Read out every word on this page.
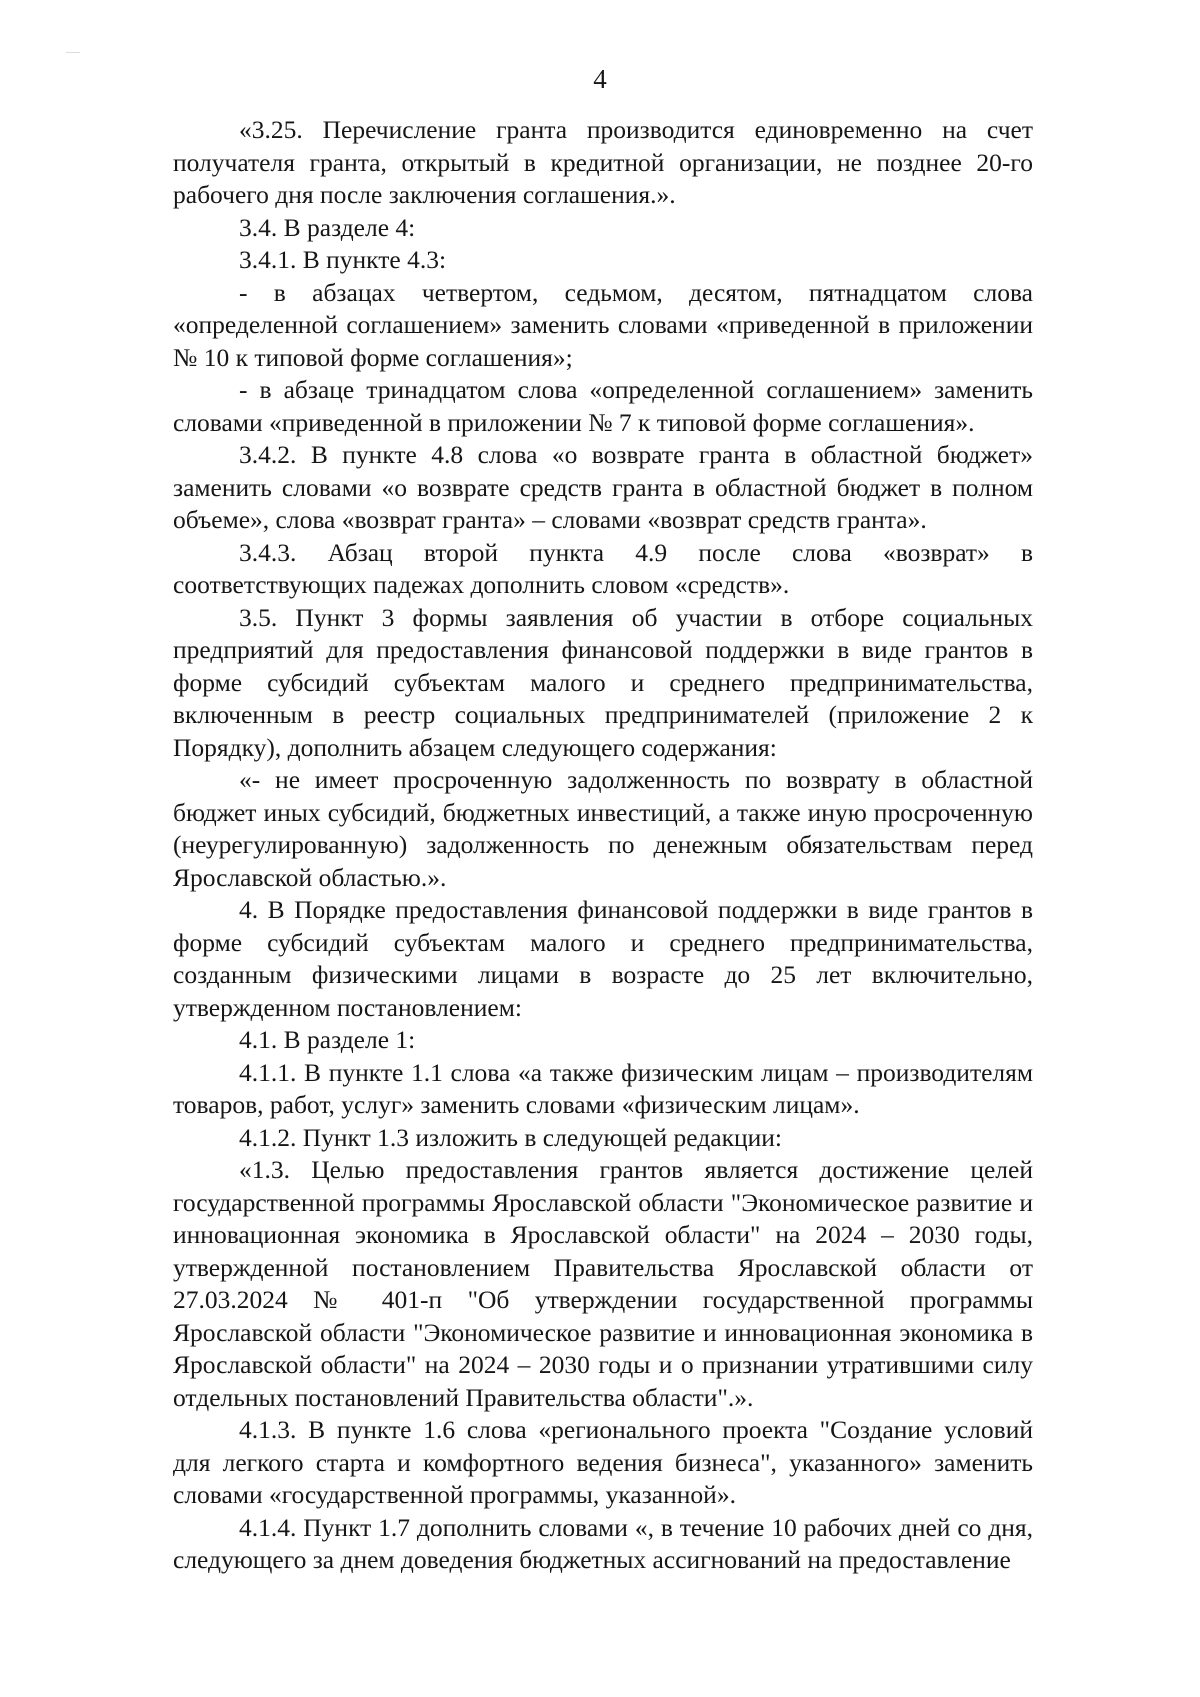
4

«3.25. Перечисление гранта производится единовременно на счет получателя гранта, открытый в кредитной организации, не позднее 20-го рабочего дня после заключения соглашения.».

3.4. В разделе 4:

3.4.1. В пункте 4.3:

- в абзацах четвертом, седьмом, десятом, пятнадцатом слова «определенной соглашением» заменить словами «приведенной в приложении № 10 к типовой форме соглашения»;

- в абзаце тринадцатом слова «определенной соглашением» заменить словами «приведенной в приложении № 7 к типовой форме соглашения».

3.4.2. В пункте 4.8 слова «о возврате гранта в областной бюджет» заменить словами «о возврате средств гранта в областной бюджет в полном объеме», слова «возврат гранта» – словами «возврат средств гранта».

3.4.3. Абзац второй пункта 4.9 после слова «возврат» в соответствующих падежах дополнить словом «средств».

3.5. Пункт 3 формы заявления об участии в отборе социальных предприятий для предоставления финансовой поддержки в виде грантов в форме субсидий субъектам малого и среднего предпринимательства, включенным в реестр социальных предпринимателей (приложение 2 к Порядку), дополнить абзацем следующего содержания:

«- не имеет просроченную задолженность по возврату в областной бюджет иных субсидий, бюджетных инвестиций, а также иную просроченную (неурегулированную) задолженность по денежным обязательствам перед Ярославской областью.».

4. В Порядке предоставления финансовой поддержки в виде грантов в форме субсидий субъектам малого и среднего предпринимательства, созданным физическими лицами в возрасте до 25 лет включительно, утвержденном постановлением:

4.1. В разделе 1:

4.1.1. В пункте 1.1 слова «а также физическим лицам – производителям товаров, работ, услуг» заменить словами «физическим лицам».

4.1.2. Пункт 1.3 изложить в следующей редакции:

«1.3. Целью предоставления грантов является достижение целей государственной программы Ярославской области "Экономическое развитие и инновационная экономика в Ярославской области" на 2024 – 2030 годы, утвержденной постановлением Правительства Ярославской области от 27.03.2024 № 401-п "Об утверждении государственной программы Ярославской области "Экономическое развитие и инновационная экономика в Ярославской области" на 2024 – 2030 годы и о признании утратившими силу отдельных постановлений Правительства области".».

4.1.3. В пункте 1.6 слова «регионального проекта "Создание условий для легкого старта и комфортного ведения бизнеса", указанного» заменить словами «государственной программы, указанной».

4.1.4. Пункт 1.7 дополнить словами «, в течение 10 рабочих дней со дня, следующего за днем доведения бюджетных ассигнований на предоставление
